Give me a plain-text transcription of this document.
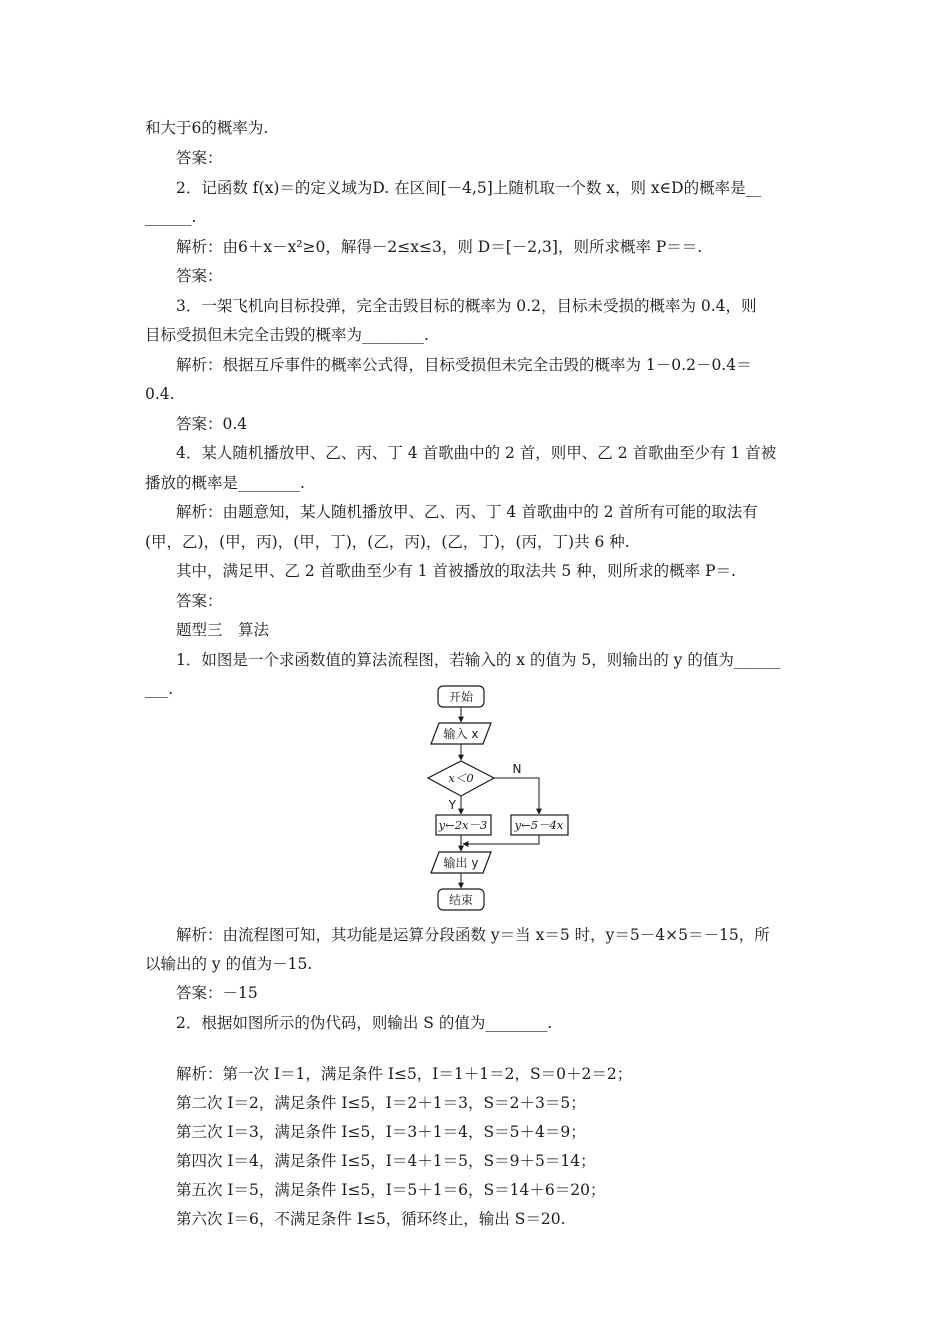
和大于6的概率为.
答案：
2．记函数 f(x)＝的定义域为D. 在区间[－4,5]上随机取一个数 x，则 x∈D的概率是__
______.
解析：由6＋x－x²≥0，解得－2≤x≤3，则 D＝[－2,3]，则所求概率 P＝＝.
答案：
3．一架飞机向目标投弹，完全击毁目标的概率为 0.2，目标未受损的概率为 0.4，则
目标受损但未完全击毁的概率为________.
解析：根据互斥事件的概率公式得，目标受损但未完全击毁的概率为 1－0.2－0.4＝
0.4.
答案：0.4
4．某人随机播放甲、乙、丙、丁 4 首歌曲中的 2 首，则甲、乙 2 首歌曲至少有 1 首被
播放的概率是________.
解析：由题意知，某人随机播放甲、乙、丙、丁 4 首歌曲中的 2 首所有可能的取法有
(甲，乙)，(甲，丙)，(甲，丁)，(乙，丙)，(乙，丁)，(丙，丁)共 6 种.
其中，满足甲、乙 2 首歌曲至少有 1 首被播放的取法共 5 种，则所求的概率 P＝.
答案：
题型三　算法
1．如图是一个求函数值的算法流程图，若输入的 x 的值为 5，则输出的 y 的值为______
___.	开始
输入 x
x＜0
N
Y
y←2x－3 y←5－4x
输出 y
结束
解析：由流程图可知，其功能是运算分段函数 y＝当 x＝5 时，y＝5－4×5＝－15，所
以输出的 y 的值为－15.
答案：－15
2．根据如图所示的伪代码，则输出 S 的值为________.
解析：第一次 I＝1，满足条件 I≤5，I＝1＋1＝2，S＝0＋2＝2；
第二次 I＝2，满足条件 I≤5，I＝2＋1＝3，S＝2＋3＝5；
第三次 I＝3，满足条件 I≤5，I＝3＋1＝4，S＝5＋4＝9；
第四次 I＝4，满足条件 I≤5，I＝4＋1＝5，S＝9＋5＝14；
第五次 I＝5，满足条件 I≤5，I＝5＋1＝6，S＝14＋6＝20；
第六次 I＝6，不满足条件 I≤5，循环终止，输出 S＝20.
